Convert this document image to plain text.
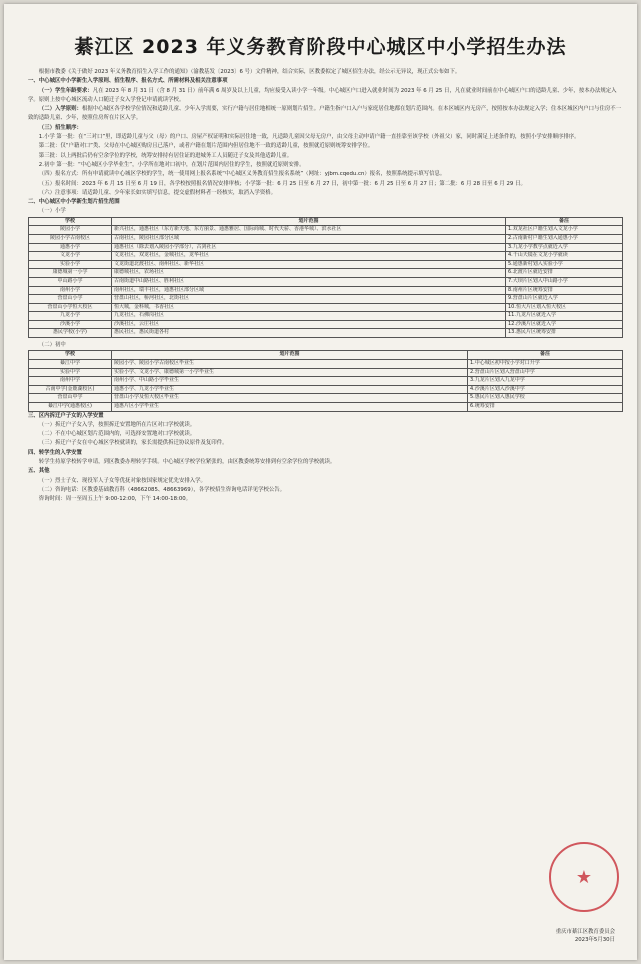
綦江区 2023 年义务教育阶段中心城区中小学招生办法

根据市教委《关于做好 2023 年义务教育招生入学工作的通知》（渝教基发〔2023〕6 号）文件精神，结合实际，区教委拟定了城区招生办法，经公示无异议，现正式公布如下。

一、中心城区中小学新生入学原则、招生程序、报名方式、所需材料及相关注意事项

（一）学生年龄要求：凡在 2023 年 8 月 31 日（含 8 月 31 日）前年满 6 周岁及以上儿童，均应接受入读小学一年级。中心城区户口进入就业时间为 2023 年 6 月 25 日，凡在就业时间前在中心城区户口的适龄儿童、少年，按本办法规定入学。原则上按中心城区流动人口随迁子女入学登记申请就读学校。

（二）入学原则：根据中心城区各学校学位情况和适龄儿童、少年入学需要，实行户籍与居住地相统一原则划片招生。户籍生指户口入户与家庭居住地都在划片范围内。在本区城区内无房产，按照按本办法规定入学；住本区城区内户口与住房不一致的适龄儿童、少年，按照住房所在片区入学。

（三）招生顺序：

1.小学 第一批：在“三对口”里，即适龄儿童与父（母）的户口、房屋产权证明和实际居住地一致，凡适龄儿童因父母无房户，由父母主动申请户籍一直挂靠至该学校（外祖父）家，同时满足上述条件的，按照小学安排顺序排序。

第二批：仅“户籍对口”类、父母在中心城区购房且已落户，或者户籍在划片范围内但居住地不一致的适龄儿童，按照就近原则统筹安排学位。

第三批：以上两批后仍有空余学位的学校，统筹安排持有居住证的进城务工人员随迁子女及其他适龄儿童。

2.初中 第一批：“中心城区小学毕业生”，小学所在地对口初中，在划片范围内居住的学生，按照就近原则安排。

（四）报名方式：所有申请就读中心城区学校的学生，统一使用网上报名系统“中心城区义务教育招生报名系统”（网址：yjbm.cqedu.cn）报名，按照系统提示填写信息。

（五）报名时间：2023 年 6 月 15 日至 6 月 19 日，各学校按照报名情况安排审核；小学第一批：6 月 25 日至 6 月 27 日，初中第一批：6 月 25 日至 6 月 27 日；第二批：6 月 28 日至 6 月 29 日。

（六）注意事项：请适龄儿童、少年家长如实填写信息，提交虚假材料者一经核实，取消入学资格。

二、中心城区中小学新生划片招生范围

（一）小学

学校	划片范围	备注
陵园小学	新兴社区，通惠社区（东方新天地、东方丽景、通惠雅居、国际商城、时代天骄、香港华城）、滨水社区	1.双龙社区户籍生划入文龙小学
陵园小学古南校区	古南社区，陵园社区部分区域	2.古南新村户籍生划入通惠小学
通惠小学	通惠社区（除去划入陵园小学部分），古剑社区	3.九龙小学教学点就近入学
文龙小学	文龙社区，双龙社区，金城社区，龙华社区	4.千山天镜在文龙小学就读
实验小学	文龙街道北渡社区、南州社区、新华社区	5.通惠新村划入实验小学
康德城第一小学	康德城社区，农场社区	6.北渡片区就近安排
中山路小学	古南街道中山路社区、胜利社区	7.大坝片区划入中山路小学
南州小学	南州社区，瑞丰社区，通惠社区部分区域	8.南州片区统筹安排
营盘山小学	营盘山社区，桥河社区，北街社区	9.营盘山片区就近入学
营盘山小学恒大校区	恒大城，金科城，书香社区	10.恒大片区划入恒大校区
九龙小学	九龙社区，石佛岗社区	11.九龙片区就近入学
沙溪小学	沙溪社区，云庄社区	12.沙溪片区就近入学
惠民学校(小学)	惠民社区，惠民街道各村	13.惠民片区统筹安排

（二）初中

学校	划片范围	备注
綦江中学	陵园小学、陵园小学古南校区毕业生	1.中心城区初中按小学对口升学
实验中学	实验小学、文龙小学、康德城第一小学毕业生	2.营盘山片区划入营盘山中学
南州中学	南州小学、中山路小学毕业生	3.九龙片区划入九龙中学
古南中学(金鹿湖校区)	通惠小学、九龙小学毕业生	4.沙溪片区划入沙溪中学
营盘山中学	营盘山小学及恒大校区毕业生	5.惠民片区划入惠民学校
綦江中学(通惠校区)	通惠片区小学毕业生	6.统筹安排

三、区内拆迁户子女的入学安置

（一）拆迁户子女入学，按照拆迁安置地所在片区对口学校就读。

（二）不在中心城区划片范围内的，可选择安置地对口学校就读。

（三）拆迁户子女在中心城区学校就读的，家长需提供拆迁协议原件及复印件。

四、转学生的入学安置

转学生持原学校转学申请，到区教委办理转学手续。中心城区学校学位紧张的，由区教委统筹安排到有空余学位的学校就读。

五、其他

（一）烈士子女、现役军人子女等优抚对象按国家规定优先安排入学。

（二）咨询电话：区教委基础教育科（48662085、48663969），各学校招生咨询电话详见学校公告。

咨询时间：周一至周五上午 9:00-12:00，下午 14:00-18:00。

★
重庆市綦江区教育委员会
2023年5月30日
